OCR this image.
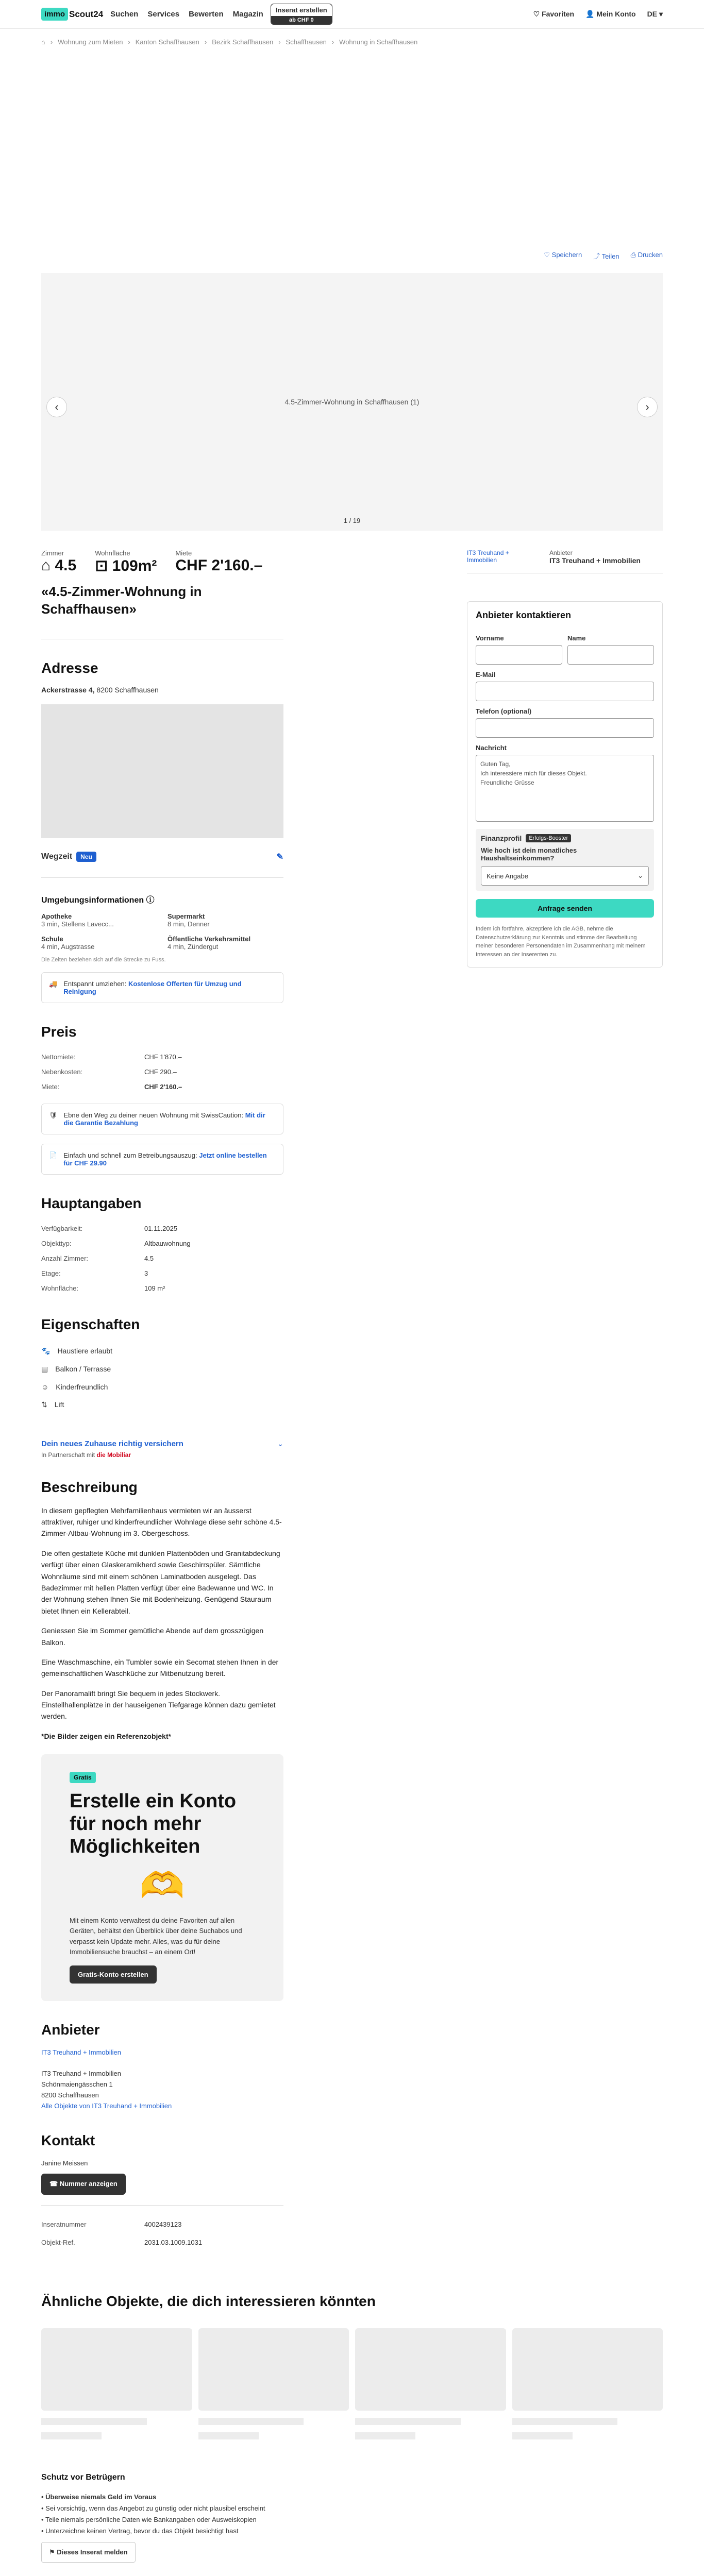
immo Scout24 Suchen Services Bewerten Magazin	Inserat erstellen
ab CHF 0
♡ Favoriten 👤 Mein Konto DE ▾
⌂ › Wohnung zum Mieten › Kanton Schaffhausen › Bezirk Schaffhausen › Schaffhausen › Wohnung in Schaffhausen
♡ Speichern ⤴ Teilen ⎙ Drucken
4.5-Zimmer-Wohnung in Schaffhausen (1)
‹	›
1 / 19
Zimmer
⌂ 4.5
Wohnfläche
⊡ 109m²
Miete
CHF 2'160.–
«4.5-Zimmer-Wohnung in Schaffhausen»
Adresse
Ackerstrasse 4, 8200 Schaffhausen
Wegzeit Neu	✎
Umgebungsinformationen ⓘ
Apotheke
3 min, Stellens Lavecc...
Supermarkt
8 min, Denner
Schule
4 min, Augstrasse
Öffentliche Verkehrsmittel
4 min, Zündergut
Die Zeiten beziehen sich auf die Strecke zu Fuss.
🚚 Entspannt umziehen: Kostenlose Offerten für Umzug und Reinigung
Preis
Nettomiete:	CHF 1'870.–
Nebenkosten:	CHF 290.–
Miete:	CHF 2'160.–
🛡 Ebne den Weg zu deiner neuen Wohnung mit SwissCaution: Mit dir die Garantie Bezahlung
📄 Einfach und schnell zum Betreibungsauszug: Jetzt online bestellen für CHF 29.90
Hauptangaben
Verfügbarkeit:	01.11.2025
Objekttyp:	Altbauwohnung
Anzahl Zimmer:	4.5
Etage:	3
Wohnfläche:	109 m²
Eigenschaften
🐾 Haustiere erlaubt
▤ Balkon / Terrasse
☺ Kinderfreundlich
⇅ Lift
Dein neues Zuhause richtig versichern
In Partnerschaft mit die Mobiliar
⌄
Beschreibung

In diesem gepflegten Mehrfamilienhaus vermieten wir an äusserst attraktiver, ruhiger und kinderfreundlicher Wohnlage diese sehr schöne 4.5-Zimmer-Altbau-Wohnung im 3. Obergeschoss.

Die offen gestaltete Küche mit dunklen Plattenböden und Granitabdeckung verfügt über einen Glaskeramikherd sowie Geschirrspüler. Sämtliche Wohnräume sind mit einem schönen Laminatboden ausgelegt. Das Badezimmer mit hellen Platten verfügt über eine Badewanne und WC. In der Wohnung stehen Ihnen Sie mit Bodenheizung. Genügend Stauraum bietet Ihnen ein Kellerabteil.

Geniessen Sie im Sommer gemütliche Abende auf dem grosszügigen Balkon.

Eine Waschmaschine, ein Tumbler sowie ein Secomat stehen Ihnen in der gemeinschaftlichen Waschküche zur Mitbenutzung bereit.

Der Panoramalift bringt Sie bequem in jedes Stockwerk. Einstellhallenplätze in der hauseigenen Tiefgarage können dazu gemietet werden.

*Die Bilder zeigen ein Referenzobjekt*

Gratis
Erstelle ein Konto für noch mehr Möglichkeiten
🫶
Mit einem Konto verwaltest du deine Favoriten auf allen Geräten, behältst den Überblick über deine Suchabos und verpasst kein Update mehr. Alles, was du für deine Immobiliensuche brauchst – an einem Ort!
Gratis-Konto erstellen
Anbieter
IT3 Treuhand + Immobilien

IT3 Treuhand + Immobilien
Schönmaiengässchen 1
8200 Schaffhausen
Alle Objekte von IT3 Treuhand + Immobilien
Kontakt
Janine Meissen
☎ Nummer anzeigen
Inseratnummer	4002439123
Objekt-Ref.	2031.03.1009.1031
IT3 Treuhand + Immobilien
Anbieter
IT3 Treuhand + Immobilien
Anbieter kontaktieren
Vorname	Name
E-Mail
Telefon (optional)
Nachricht
Guten Tag,
Ich interessiere mich für dieses Objekt.
Freundliche Grüsse
Finanzprofil	Erfolgs-Booster
Wie hoch ist dein monatliches Haushaltseinkommen?
Keine Angabe	⌄
Anfrage senden
Indem ich fortfahre, akzeptiere ich die AGB, nehme die Datenschutzerklärung zur Kenntnis und stimme der Bearbeitung meiner besonderen Personendaten im Zusammenhang mit meinem Interessen an der Inserenten zu.
Ähnliche Objekte, die dich interessieren könnten
Schutz vor Betrügern
• Überweise niemals Geld im Voraus
• Sei vorsichtig, wenn das Angebot zu günstig oder nicht plausibel erscheint
• Teile niemals persönliche Daten wie Bankangaben oder Ausweiskopien
• Unterzeichne keinen Vertrag, bevor du das Objekt besichtigt hast
⚑ Dieses Inserat melden
